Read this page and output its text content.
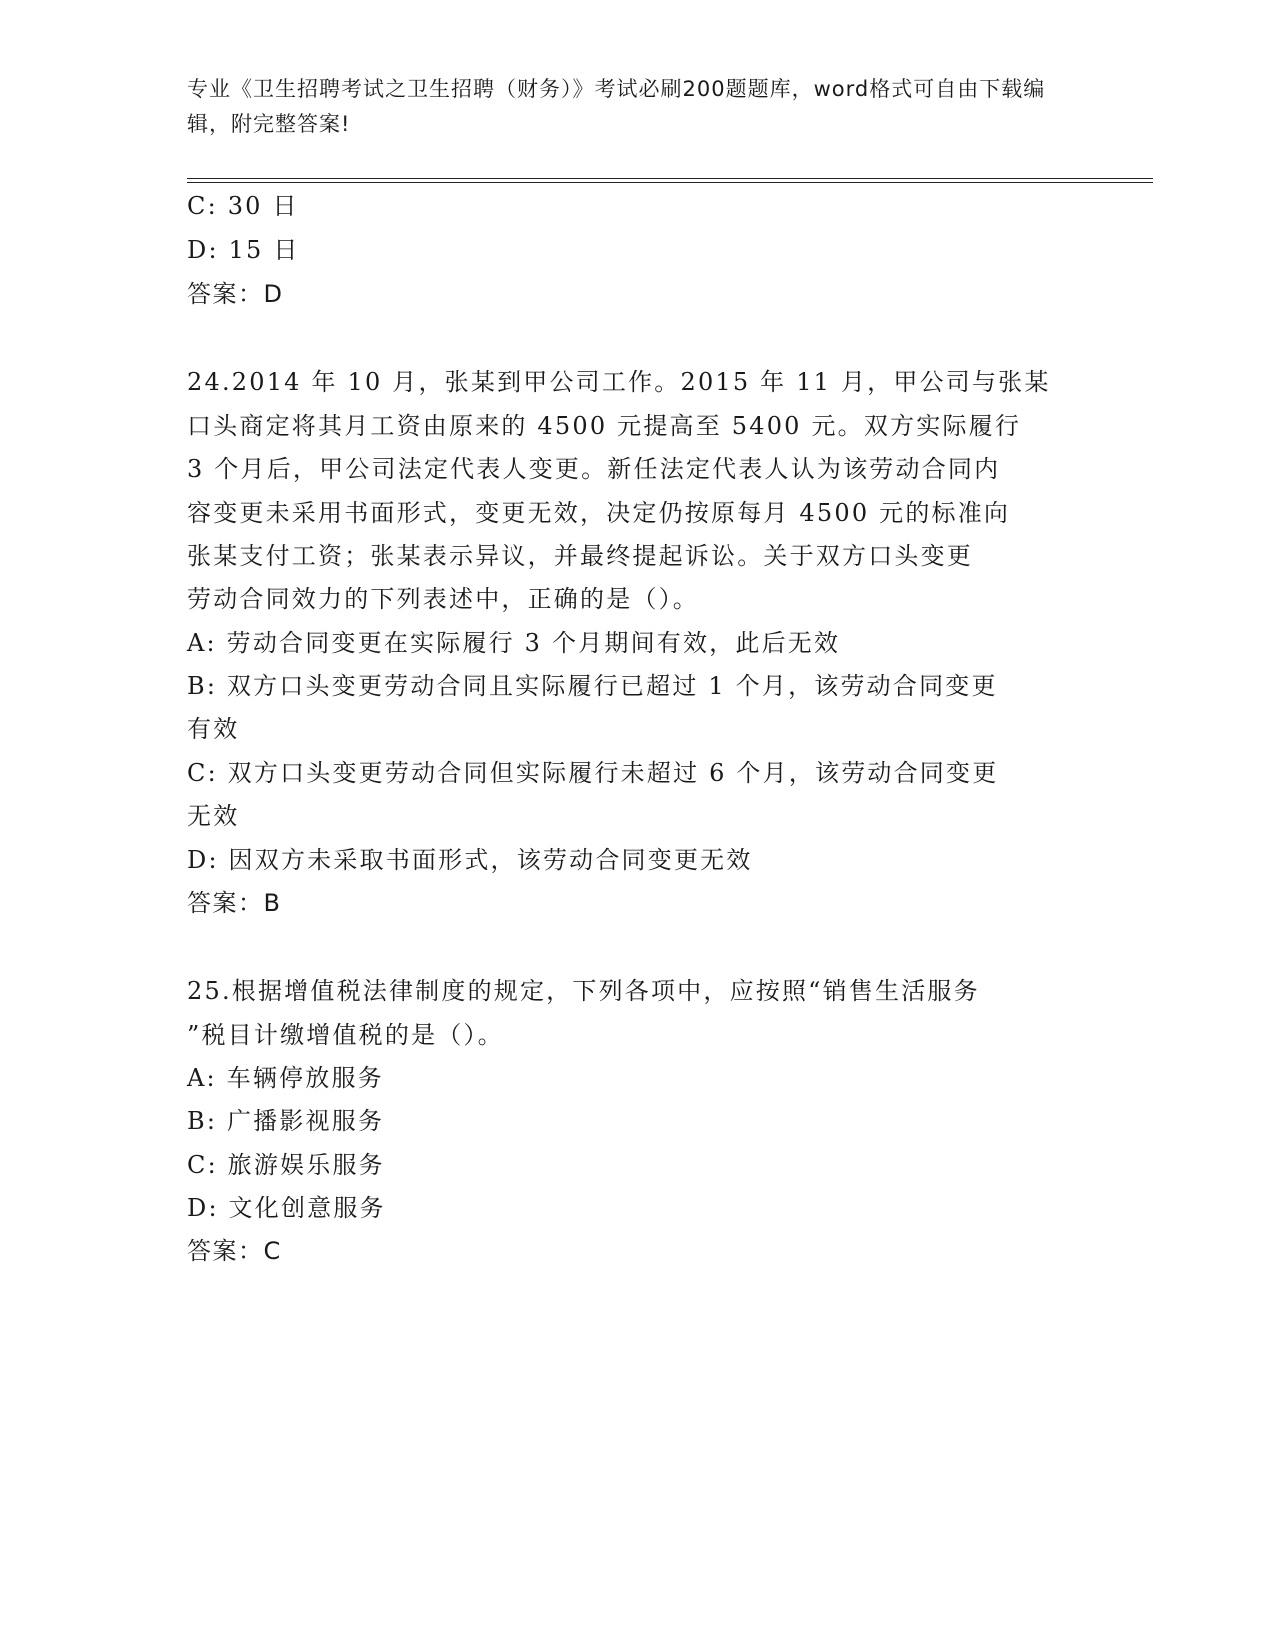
专业《卫生招聘考试之卫生招聘（财务）》考试必刷200题题库，word格式可自由下载编辑，附完整答案!
C: 30 日
D: 15 日
答案：D
24.2014 年 10 月，张某到甲公司工作。2015 年 11 月，甲公司与张某
口头商定将其月工资由原来的 4500 元提高至 5400 元。双方实际履行
3 个月后，甲公司法定代表人变更。新任法定代表人认为该劳动合同内
容变更未采用书面形式，变更无效，决定仍按原每月 4500 元的标准向
张某支付工资；张某表示异议，并最终提起诉讼。关于双方口头变更
劳动合同效力的下列表述中，正确的是（）。
A: 劳动合同变更在实际履行 3 个月期间有效，此后无效
B: 双方口头变更劳动合同且实际履行已超过 1 个月，该劳动合同变更
有效
C: 双方口头变更劳动合同但实际履行未超过 6 个月，该劳动合同变更
无效
D: 因双方未采取书面形式，该劳动合同变更无效
答案：B
25.根据增值税法律制度的规定，下列各项中，应按照“销售生活服务
”税目计缴增值税的是（）。
A: 车辆停放服务
B: 广播影视服务
C: 旅游娱乐服务
D: 文化创意服务
答案：C
